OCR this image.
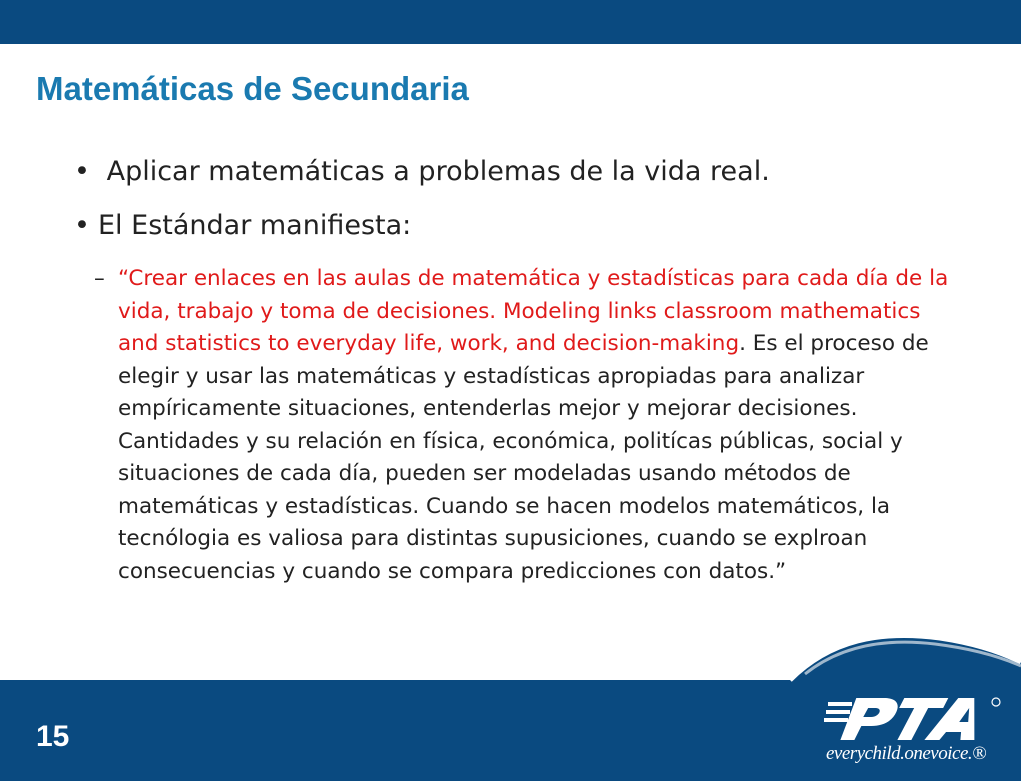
Matemáticas de Secundaria
• Aplicar matemáticas a problemas de la vida real.
• El Estándar manifiesta:
– “Crear enlaces en las aulas de matemática y estadísticas para cada día de la vida, trabajo y toma de decisiones. Modeling links classroom mathematics and statistics to everyday life, work, and decision-making. Es el proceso de elegir y usar las matemáticas y estadísticas apropiadas para analizar empíricamente situaciones, entenderlas mejor y mejorar decisiones. Cantidades y su relación en física, económica, politícas públicas, social y situaciones de cada día, pueden ser modeladas usando métodos de matemáticas y estadísticas. Cuando se hacen modelos matemáticos, la tecnólogia es valiosa para distintas supusiciones, cuando se explroan consecuencias y cuando se compara predicciones con datos.”
15
everychild.onevoice.®
